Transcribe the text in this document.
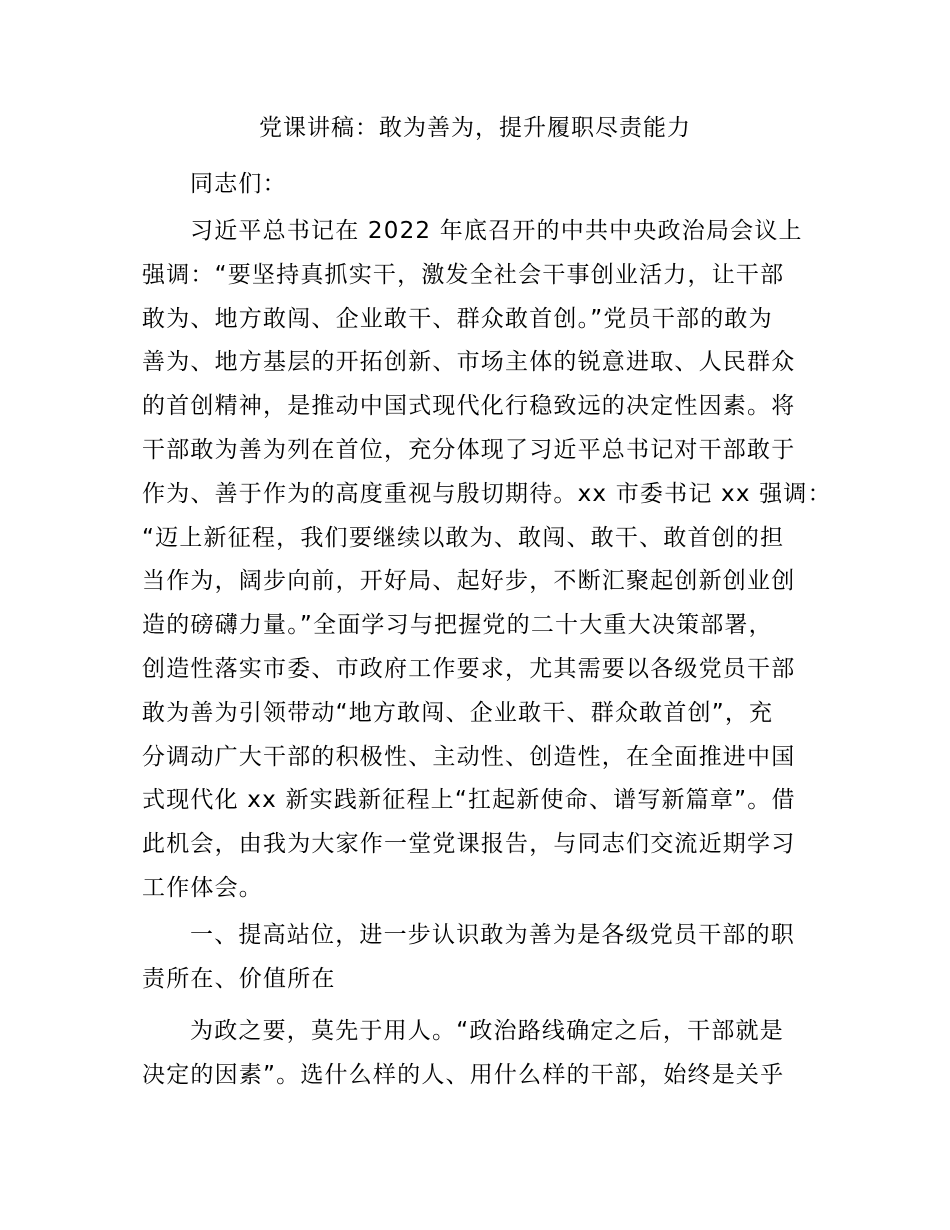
党课讲稿：敢为善为，提升履职尽责能力
同志们：
习近平总书记在 2022 年底召开的中共中央政治局会议上
强调：“要坚持真抓实干，激发全社会干事创业活力，让干部
敢为、地方敢闯、企业敢干、群众敢首创。”党员干部的敢为
善为、地方基层的开拓创新、市场主体的锐意进取、人民群众
的首创精神，是推动中国式现代化行稳致远的决定性因素。将
干部敢为善为列在首位，充分体现了习近平总书记对干部敢于
作为、善于作为的高度重视与殷切期待。xx 市委书记 xx 强调：
“迈上新征程，我们要继续以敢为、敢闯、敢干、敢首创的担
当作为，阔步向前，开好局、起好步，不断汇聚起创新创业创
造的磅礴力量。”全面学习与把握党的二十大重大决策部署，
创造性落实市委、市政府工作要求，尤其需要以各级党员干部
敢为善为引领带动“地方敢闯、企业敢干、群众敢首创”，充
分调动广大干部的积极性、主动性、创造性，在全面推进中国
式现代化 xx 新实践新征程上“扛起新使命、谱写新篇章”。借
此机会，由我为大家作一堂党课报告，与同志们交流近期学习
工作体会。
一、提高站位，进一步认识敢为善为是各级党员干部的职
责所在、价值所在
为政之要，莫先于用人。“政治路线确定之后，干部就是
决定的因素”。选什么样的人、用什么样的干部，始终是关乎
